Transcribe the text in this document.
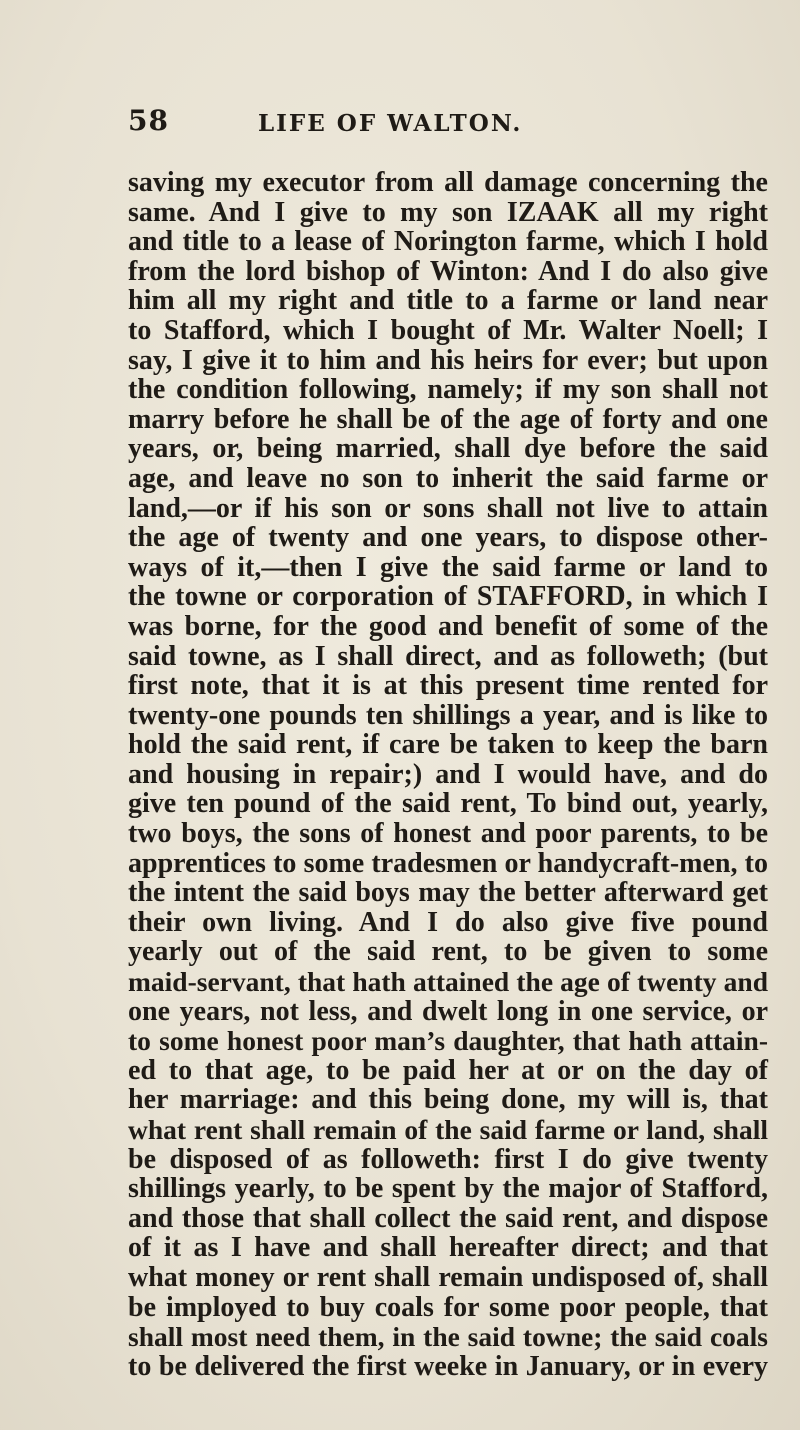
58	LIFE OF WALTON.
saving my executor from all damage concerning the
same. And I give to my son IZAAK all my right
and title to a lease of Norington farme, which I hold
from the lord bishop of Winton: And I do also give
him all my right and title to a farme or land near
to Stafford, which I bought of Mr. Walter Noell; I
say, I give it to him and his heirs for ever; but upon
the condition following, namely; if my son shall not
marry before he shall be of the age of forty and one
years, or, being married, shall dye before the said
age, and leave no son to inherit the said farme or
land,—or if his son or sons shall not live to attain
the age of twenty and one years, to dispose other-
ways of it,—then I give the said farme or land to
the towne or corporation of STAFFORD, in which I
was borne, for the good and benefit of some of the
said towne, as I shall direct, and as followeth; (but
first note, that it is at this present time rented for
twenty-one pounds ten shillings a year, and is like to
hold the said rent, if care be taken to keep the barn
and housing in repair;) and I would have, and do
give ten pound of the said rent, To bind out, yearly,
two boys, the sons of honest and poor parents, to be
apprentices to some tradesmen or handycraft-men, to
the intent the said boys may the better afterward get
their own living. And I do also give five pound
yearly out of the said rent, to be given to some
maid-servant, that hath attained the age of twenty and
one years, not less, and dwelt long in one service, or
to some honest poor man’s daughter, that hath attain-
ed to that age, to be paid her at or on the day of
her marriage: and this being done, my will is, that
what rent shall remain of the said farme or land, shall
be disposed of as followeth: first I do give twenty
shillings yearly, to be spent by the major of Stafford,
and those that shall collect the said rent, and dispose
of it as I have and shall hereafter direct; and that
what money or rent shall remain undisposed of, shall
be imployed to buy coals for some poor people, that
shall most need them, in the said towne; the said coals
to be delivered the first weeke in January, or in every
